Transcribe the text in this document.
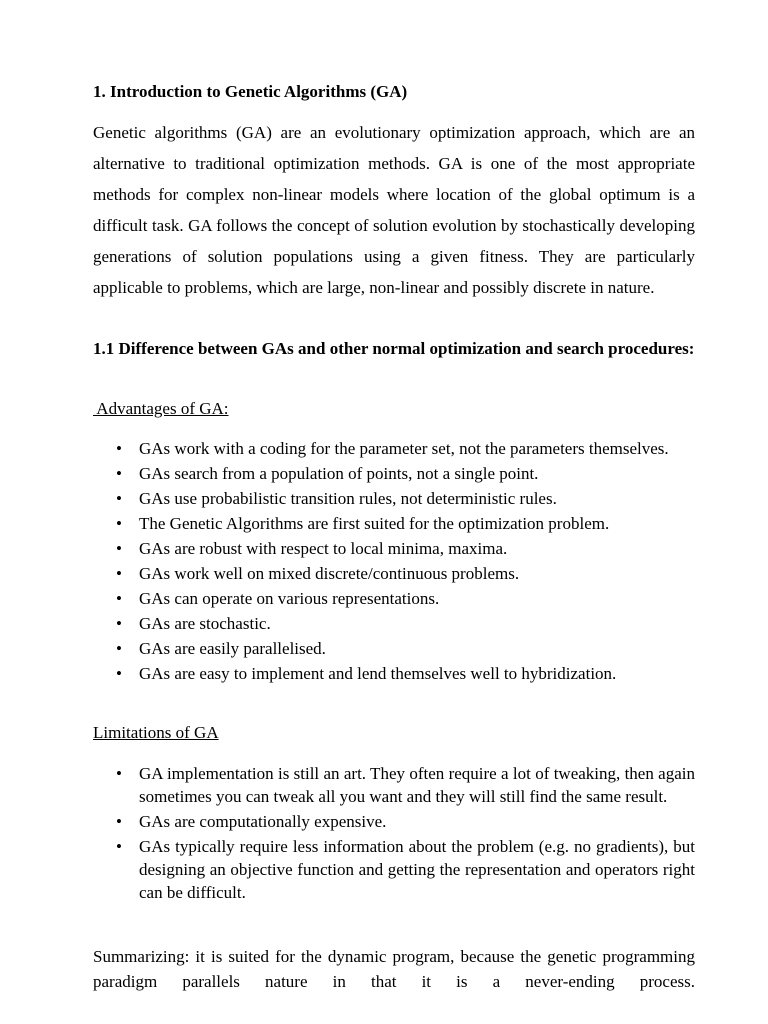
1. Introduction to Genetic Algorithms (GA)

Genetic algorithms (GA) are an evolutionary optimization approach, which are an alternative to traditional optimization methods. GA is one of the most appropriate methods for complex non-linear models where location of the global optimum is a difficult task. GA follows the concept of solution evolution by stochastically developing generations of solution populations using a given fitness. They are particularly applicable to problems, which are large, non-linear and possibly discrete in nature.

1.1 Difference between GAs and other normal optimization and search procedures:

Advantages of GA:
• GAs work with a coding for the parameter set, not the parameters themselves.
• GAs search from a population of points, not a single point.
• GAs use probabilistic transition rules, not deterministic rules.
• The Genetic Algorithms are first suited for the optimization problem.
• GAs are robust with respect to local minima, maxima.
• GAs work well on mixed discrete/continuous problems.
• GAs can operate on various representations.
• GAs are stochastic.
• GAs are easily parallelised.
• GAs are easy to implement and lend themselves well to hybridization.
Limitations of GA
• GA implementation is still an art. They often require a lot of tweaking, then again sometimes you can tweak all you want and they will still find the same result.
• GAs are computationally expensive.
• GAs typically require less information about the problem (e.g. no gradients), but designing an objective function and getting the representation and operators right can be difficult.

Summarizing: it is suited for the dynamic program, because the genetic programming paradigm parallels nature in that it is a never-ending process.
